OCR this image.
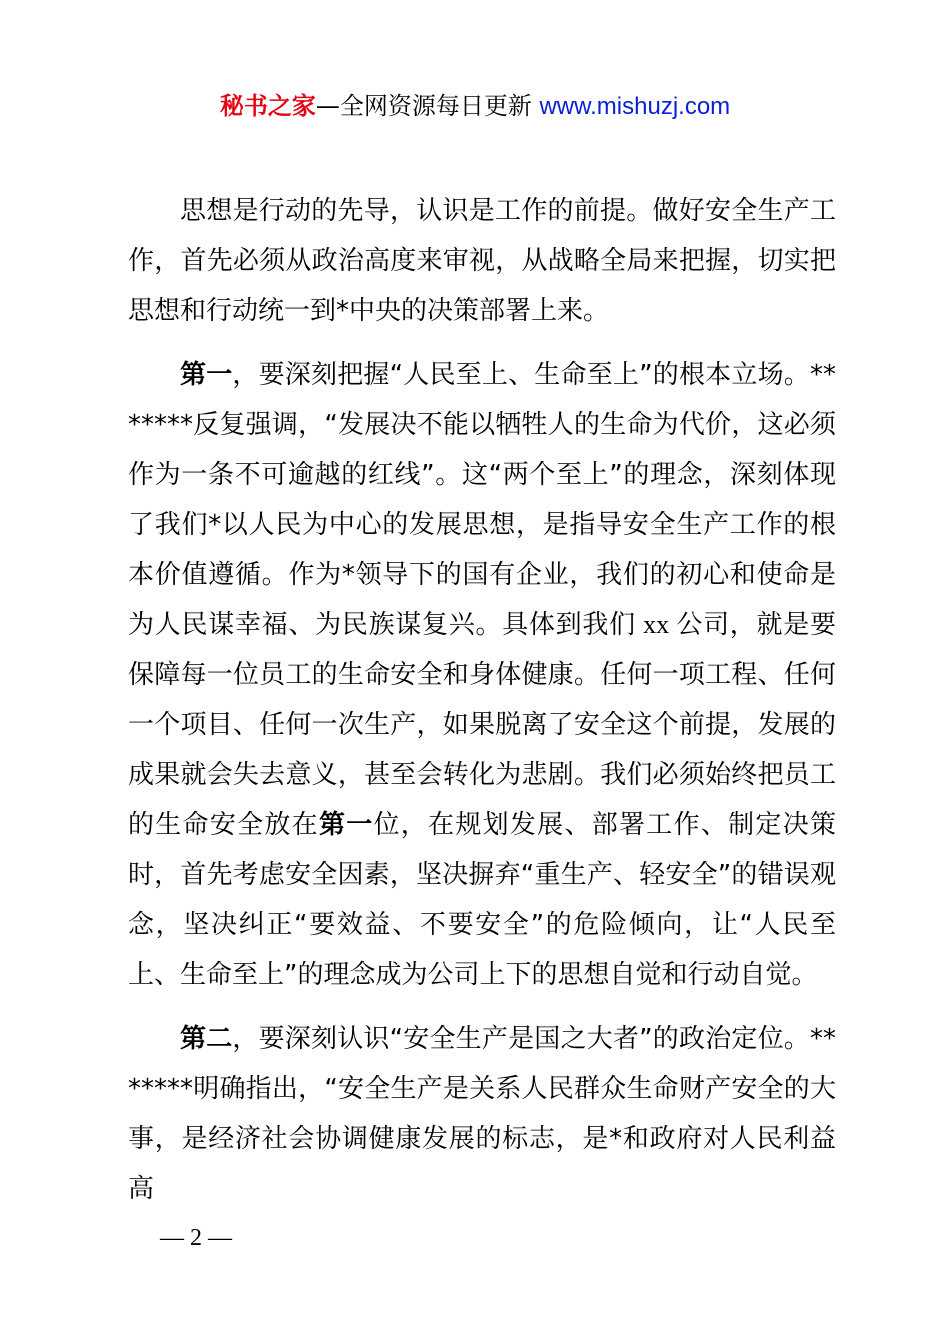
秘书之家—全网资源每日更新 www.mishuzj.com

思想是行动的先导，认识是工作的前提。做好安全生产工作，首先必须从政治高度来审视，从战略全局来把握，切实把思想和行动统一到*中央的决策部署上来。

第一，要深刻把握“人民至上、生命至上”的根本立场。*******反复强调，“发展决不能以牺牲人的生命为代价，这必须作为一条不可逾越的红线”。这“两个至上”的理念，深刻体现了我们*以人民为中心的发展思想，是指导安全生产工作的根本价值遵循。作为*领导下的国有企业，我们的初心和使命是为人民谋幸福、为民族谋复兴。具体到我们 xx 公司，就是要保障每一位员工的生命安全和身体健康。任何一项工程、任何一个项目、任何一次生产，如果脱离了安全这个前提，发展的成果就会失去意义，甚至会转化为悲剧。我们必须始终把员工的生命安全放在第一位，在规划发展、部署工作、制定决策时，首先考虑安全因素，坚决摒弃“重生产、轻安全”的错误观念，坚决纠正“要效益、不要安全”的危险倾向，让“人民至上、生命至上”的理念成为公司上下的思想自觉和行动自觉。

第二，要深刻认识“安全生产是国之大者”的政治定位。*******明确指出，“安全生产是关系人民群众生命财产安全的大事，是经济社会协调健康发展的标志，是*和政府对人民利益高

— 2 —
